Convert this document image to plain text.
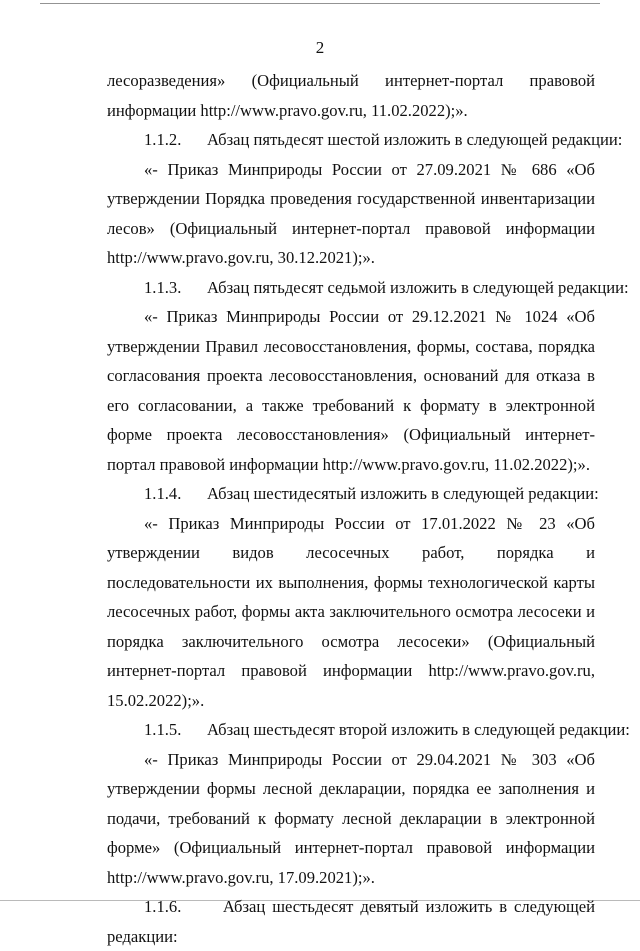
2

лесоразведения» (Официальный интернет-портал правовой информации http://www.pravo.gov.ru, 11.02.2022);».

1.1.2. Абзац пятьдесят шестой изложить в следующей редакции:

«- Приказ Минприроды России от 27.09.2021 № 686 «Об утверждении Порядка проведения государственной инвентаризации лесов» (Официальный интернет-портал правовой информации http://www.pravo.gov.ru, 30.12.2021);».

1.1.3. Абзац пятьдесят седьмой изложить в следующей редакции:

«- Приказ Минприроды России от 29.12.2021 № 1024 «Об утверждении Правил лесовосстановления, формы, состава, порядка согласования проекта лесовосстановления, оснований для отказа в его согласовании, а также требований к формату в электронной форме проекта лесовосстановления» (Официальный интернет-портал правовой информации http://www.pravo.gov.ru, 11.02.2022);».

1.1.4. Абзац шестидесятый изложить в следующей редакции:

«- Приказ Минприроды России от 17.01.2022 № 23 «Об утверждении видов лесосечных работ, порядка и последовательности их выполнения, формы технологической карты лесосечных работ, формы акта заключительного осмотра лесосеки и порядка заключительного осмотра лесосеки» (Официальный интернет-портал правовой информации http://www.pravo.gov.ru, 15.02.2022);».

1.1.5. Абзац шестьдесят второй изложить в следующей редакции:

«- Приказ Минприроды России от 29.04.2021 № 303 «Об утверждении формы лесной декларации, порядка ее заполнения и подачи, требований к формату лесной декларации в электронной форме» (Официальный интернет-портал правовой информации http://www.pravo.gov.ru, 17.09.2021);».

1.1.6.	Абзац шестьдесят девятый изложить в следующей редакции:
